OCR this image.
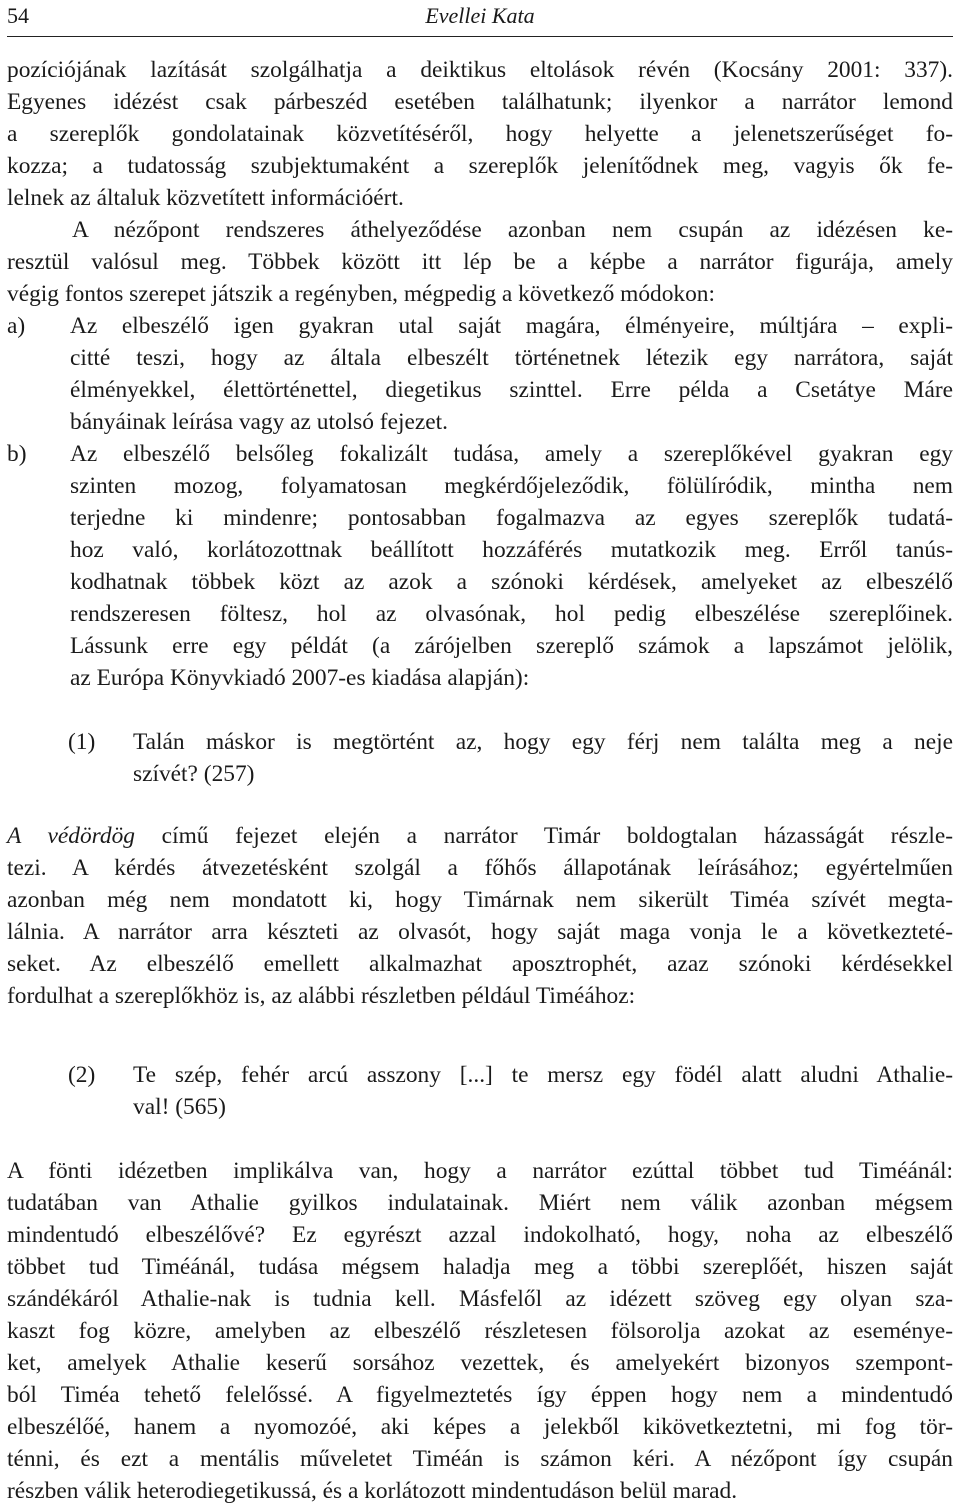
54	Evellei Kata
pozíciójának lazítását szolgálhatja a deiktikus eltolások révén (Kocsány 2001: 337).
Egyenes idézést csak párbeszéd esetében találhatunk; ilyenkor a narrátor lemond
a szereplők gondolatainak közvetítéséről, hogy helyette a jelenetszerűséget fo-
kozza; a tudatosság szubjektumaként a szereplők jelenítődnek meg, vagyis ők fe-
lelnek az általuk közvetített információért.
A nézőpont rendszeres áthelyeződése azonban nem csupán az idézésen ke-
resztül valósul meg. Többek között itt lép be a képbe a narrátor figurája, amely
végig fontos szerepet játszik a regényben, mégpedig a következő módokon:
a) Az elbeszélő igen gyakran utal saját magára, élményeire, múltjára – expli-
citté teszi, hogy az általa elbeszélt történetnek létezik egy narrátora, saját
élményekkel, élettörténettel, diegetikus szinttel. Erre példa a Csetátye Máre
bányáinak leírása vagy az utolsó fejezet.
b) Az elbeszélő belsőleg fokalizált tudása, amely a szereplőkével gyakran egy
szinten mozog, folyamatosan megkérdőjeleződik, fölülíródik, mintha nem
terjedne ki mindenre; pontosabban fogalmazva az egyes szereplők tudatá-
hoz való, korlátozottnak beállított hozzáférés mutatkozik meg. Erről tanús-
kodhatnak többek közt az azok a szónoki kérdések, amelyeket az elbeszélő
rendszeresen föltesz, hol az olvasónak, hol pedig elbeszélése szereplőinek.
Lássunk erre egy példát (a zárójelben szereplő számok a lapszámot jelölik,
az Európa Könyvkiadó 2007-es kiadása alapján):
(1) Talán máskor is megtörtént az, hogy egy férj nem találta meg a neje
szívét? (257)
A védördög című fejezet elején a narrátor Timár boldogtalan házasságát részle-
tezi. A kérdés átvezetésként szolgál a főhős állapotának leírásához; egyértelműen
azonban még nem mondatott ki, hogy Timárnak nem sikerült Timéa szívét megta-
lálnia. A narrátor arra készteti az olvasót, hogy saját maga vonja le a következteté-
seket. Az elbeszélő emellett alkalmazhat aposztrophét, azaz szónoki kérdésekkel
fordulhat a szereplőkhöz is, az alábbi részletben például Timéához:
(2) Te szép, fehér arcú asszony [...] te mersz egy födél alatt aludni Athalie-
val! (565)
A fönti idézetben implikálva van, hogy a narrátor ezúttal többet tud Timéánál:
tudatában van Athalie gyilkos indulatainak. Miért nem válik azonban mégsem
mindentudó elbeszélővé? Ez egyrészt azzal indokolható, hogy, noha az elbeszélő
többet tud Timéánál, tudása mégsem haladja meg a többi szereplőét, hiszen saját
szándékáról Athalie-nak is tudnia kell. Másfelől az idézett szöveg egy olyan sza-
kaszt fog közre, amelyben az elbeszélő részletesen fölsorolja azokat az eseménye-
ket, amelyek Athalie keserű sorsához vezettek, és amelyekért bizonyos szempont-
ból Timéa tehető felelőssé. A figyelmeztetés így éppen hogy nem a mindentudó
elbeszélőé, hanem a nyomozóé, aki képes a jelekből kikövetkeztetni, mi fog tör-
ténni, és ezt a mentális műveletet Timéán is számon kéri. A nézőpont így csupán
részben válik heterodiegetikussá, és a korlátozott mindentudáson belül marad.
